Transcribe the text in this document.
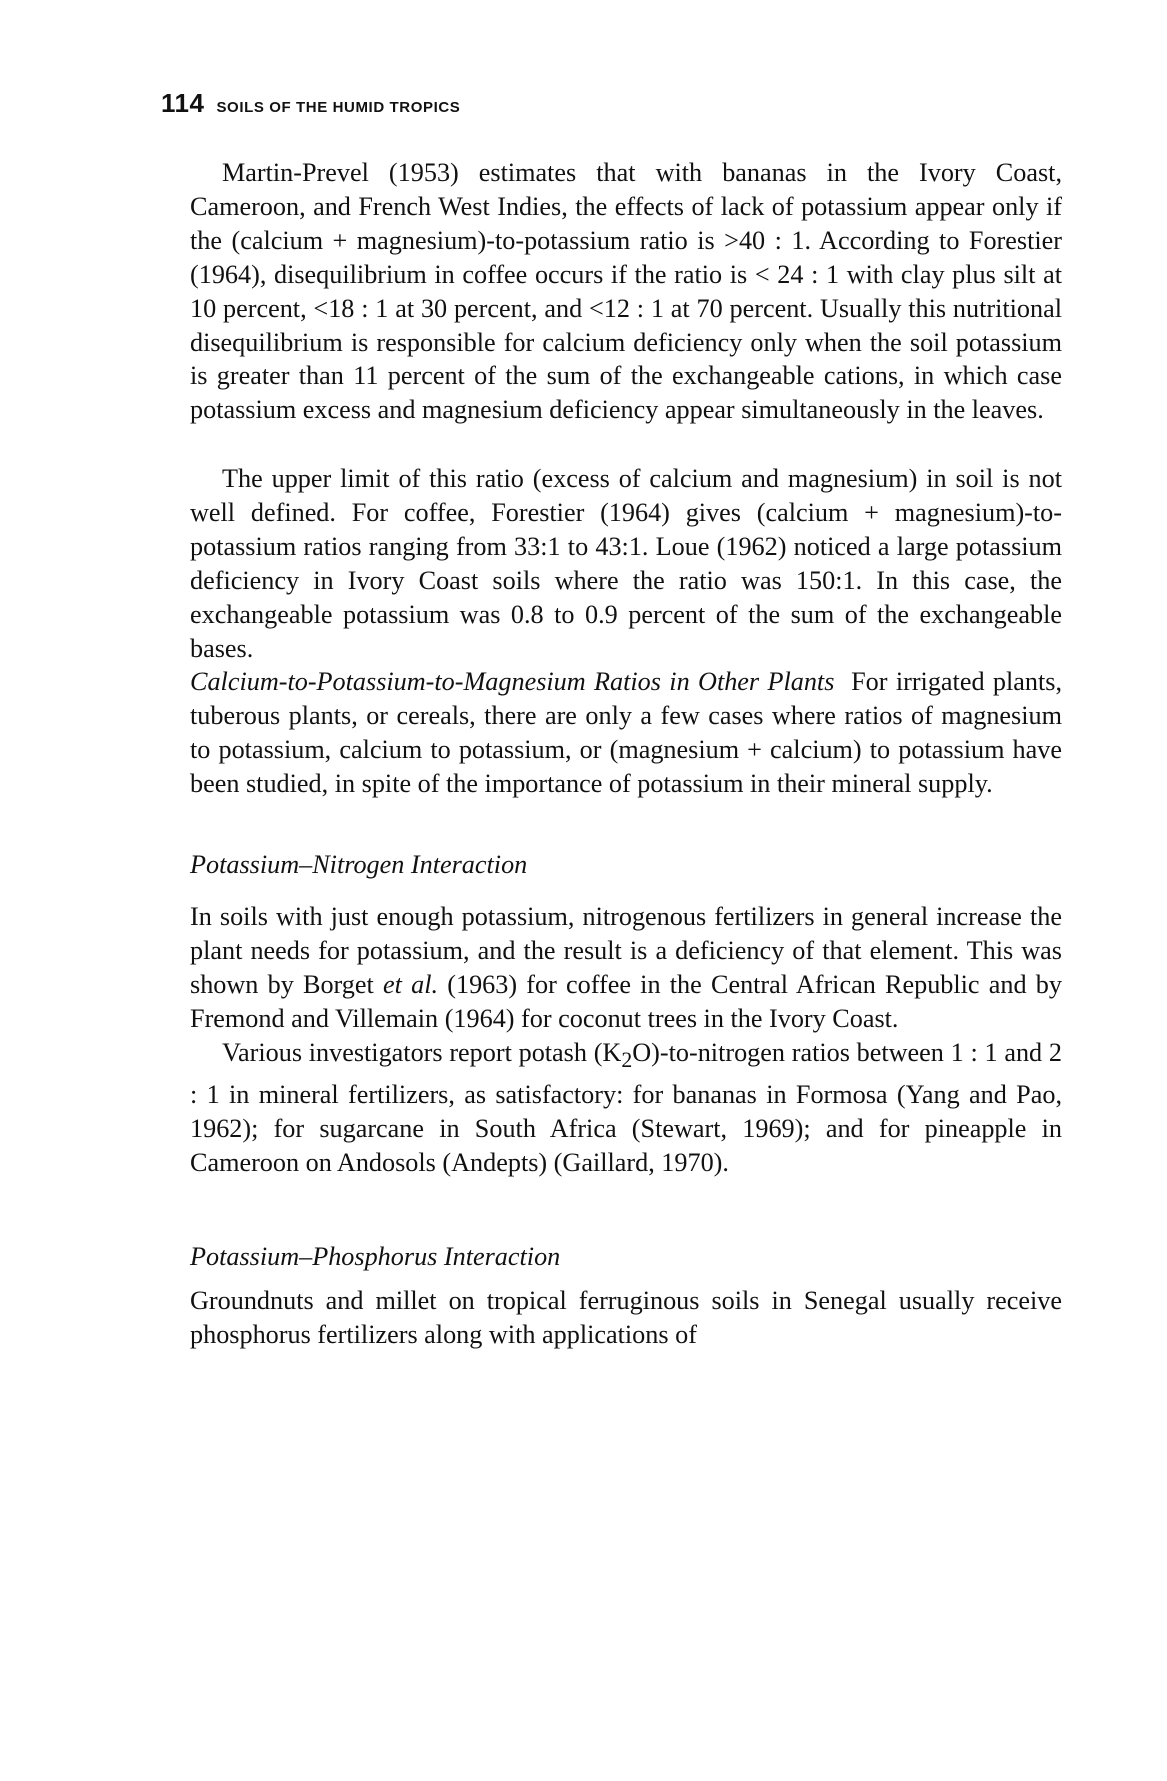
114 SOILS OF THE HUMID TROPICS

Martin-Prevel (1953) estimates that with bananas in the Ivory Coast, Cameroon, and French West Indies, the effects of lack of potassium appear only if the (calcium + magnesium)-to-potassium ratio is >40 : 1. According to Forestier (1964), disequilibrium in coffee occurs if the ratio is < 24 : 1 with clay plus silt at 10 percent, <18 : 1 at 30 percent, and <12 : 1 at 70 percent. Usually this nutritional disequilibrium is responsible for calcium deficiency only when the soil potassium is greater than 11 percent of the sum of the exchangeable cations, in which case potassium excess and magnesium deficiency appear simultaneously in the leaves.

The upper limit of this ratio (excess of calcium and magnesium) in soil is not well defined. For coffee, Forestier (1964) gives (calcium + magnesium)-to-potassium ratios ranging from 33:1 to 43:1. Loue (1962) noticed a large potassium deficiency in Ivory Coast soils where the ratio was 150:1. In this case, the exchangeable potassium was 0.8 to 0.9 percent of the sum of the exchangeable bases.

Calcium-to-Potassium-to-Magnesium Ratios in Other Plants For irrigated plants, tuberous plants, or cereals, there are only a few cases where ratios of magnesium to potassium, calcium to potassium, or (magnesium + calcium) to potassium have been studied, in spite of the importance of potassium in their mineral supply.

Potassium–Nitrogen Interaction

In soils with just enough potassium, nitrogenous fertilizers in general increase the plant needs for potassium, and the result is a deficiency of that element. This was shown by Borget et al. (1963) for coffee in the Central African Republic and by Fremond and Villemain (1964) for coconut trees in the Ivory Coast.

Various investigators report potash $(K_2O)-to$-nitrogen ratios between 1 : 1 and 2 : 1 in mineral fertilizers, as satisfactory: for bananas in Formosa (Yang and Pao, 1962); for sugarcane in South Africa (Stewart, 1969); and for pineapple in Cameroon on Andosols (Andepts) (Gaillard, 1970).

Potassium–Phosphorus Interaction

Groundnuts and millet on tropical ferruginous soils in Senegal usually receive phosphorus fertilizers along with applications of
